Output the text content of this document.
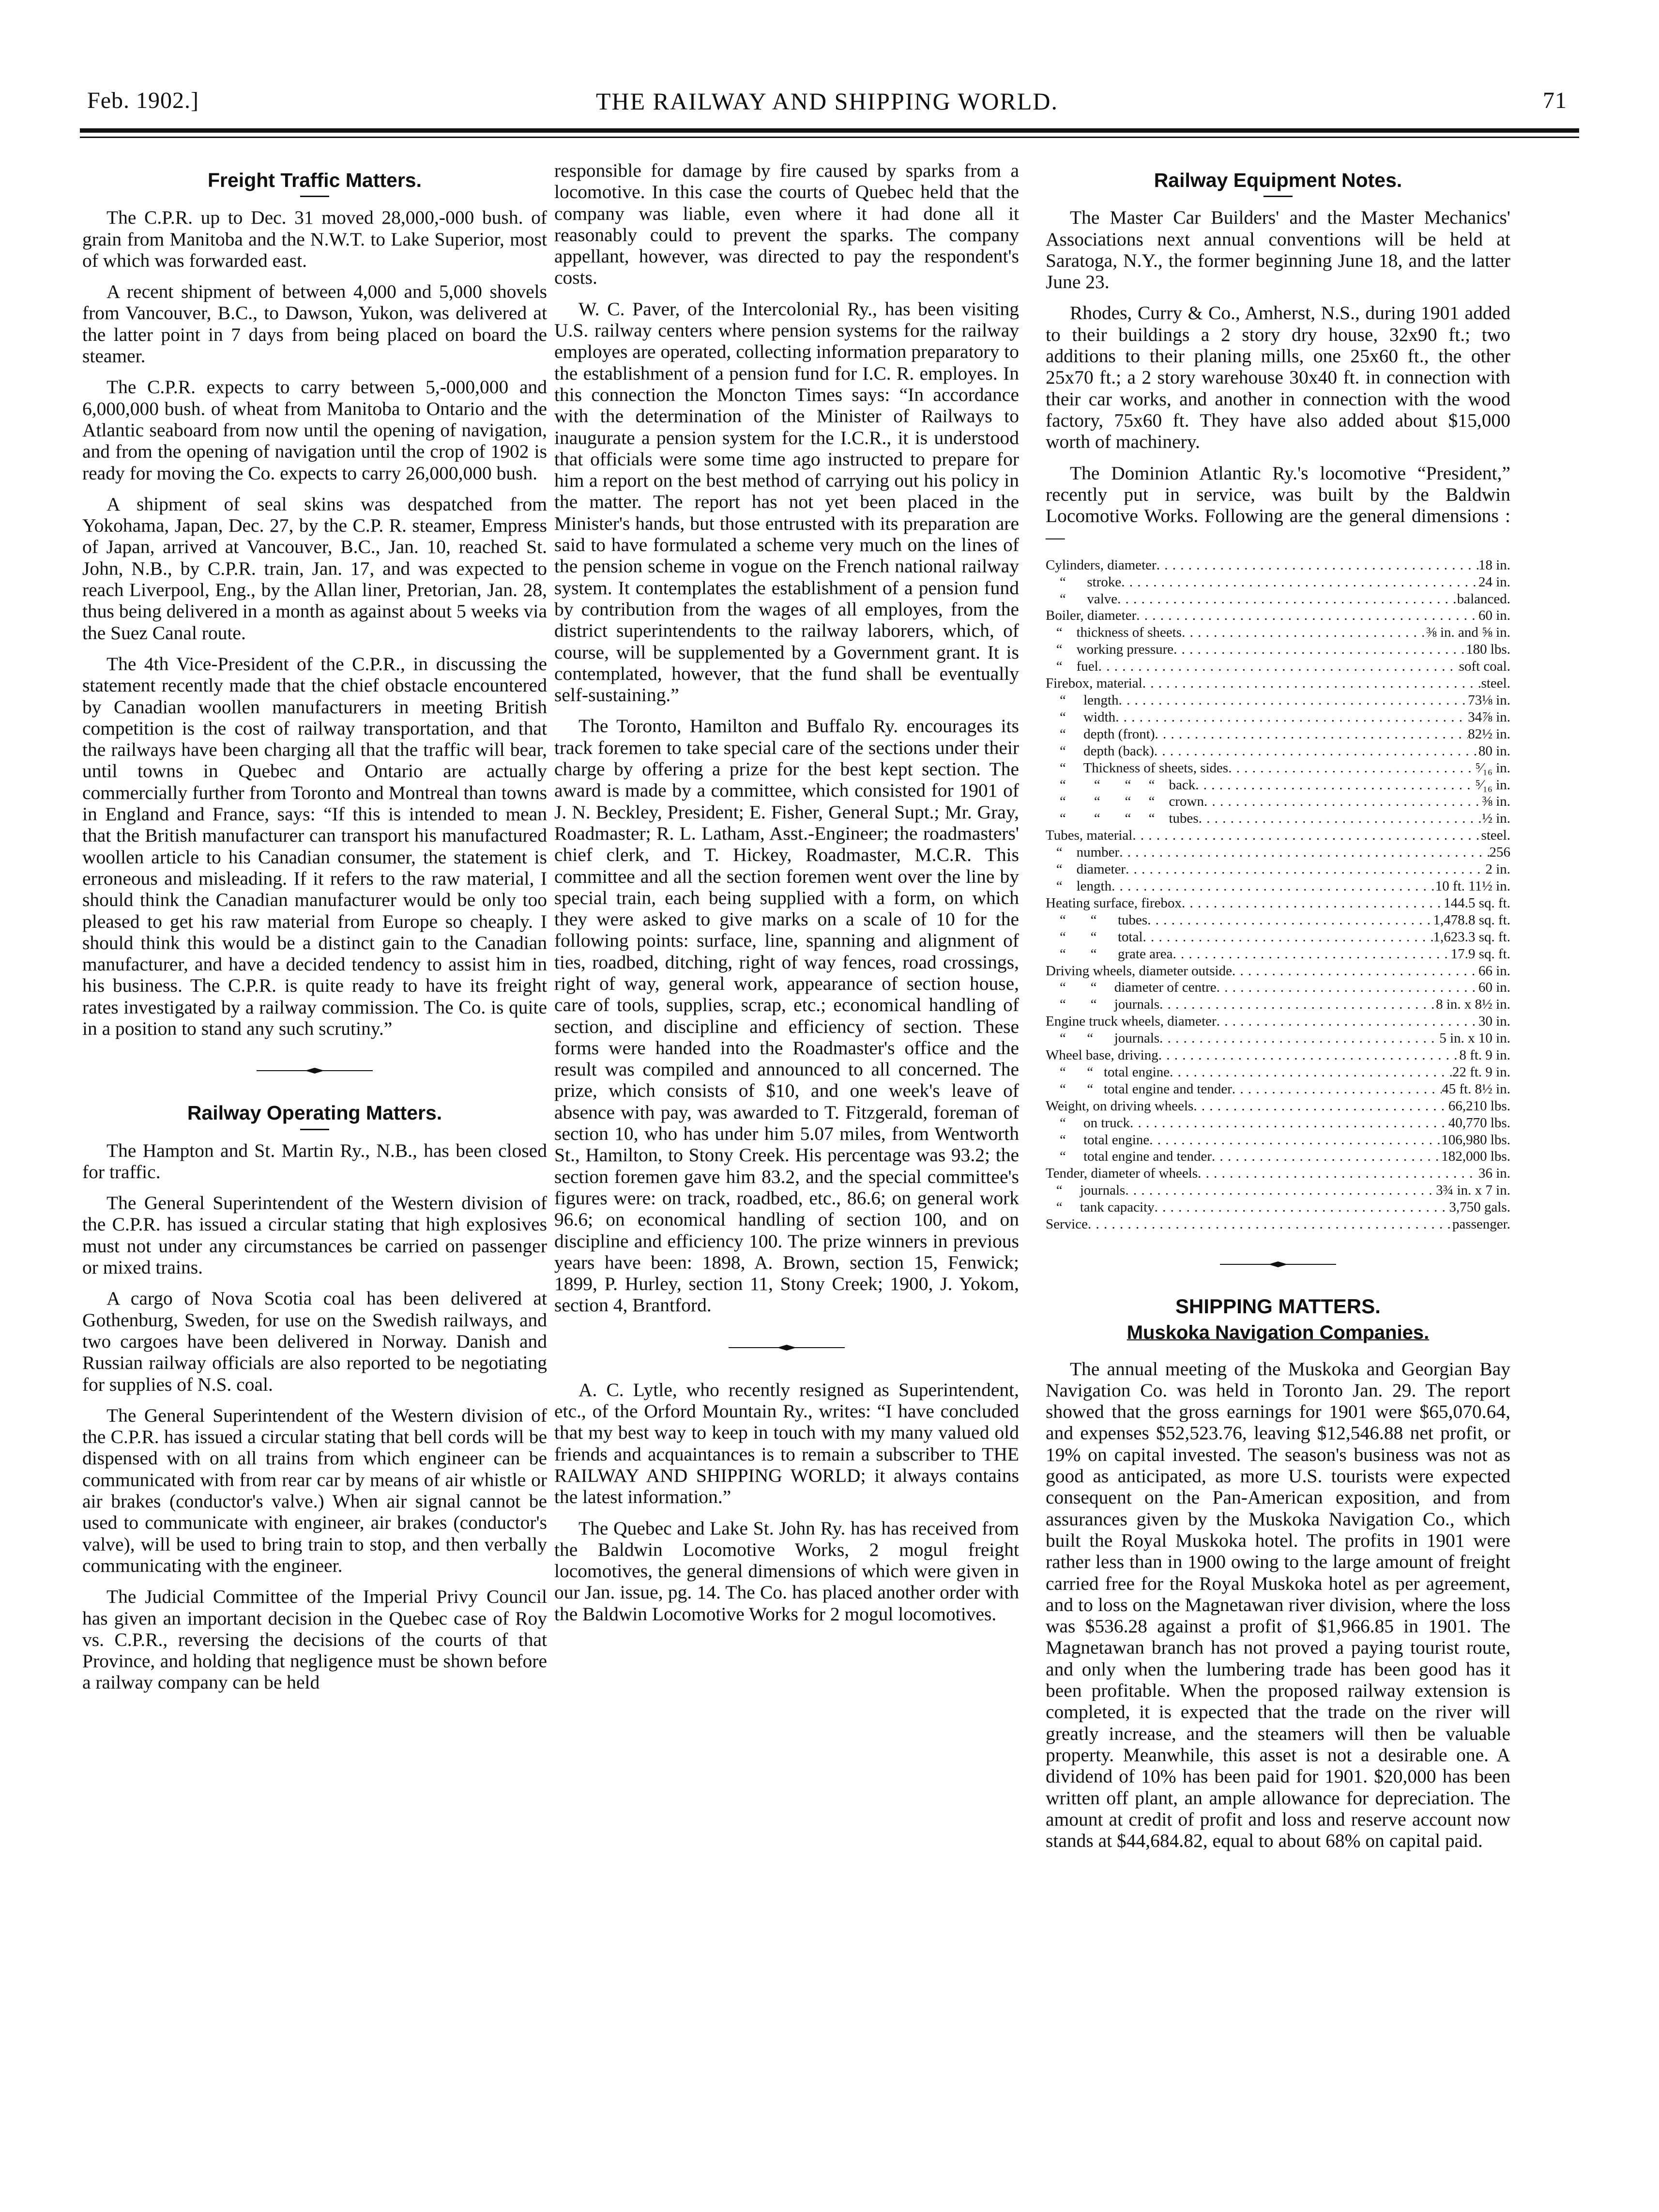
Feb. 1902.]	THE RAILWAY AND SHIPPING WORLD.	71
Freight Traffic Matters.

The C.P.R. up to Dec. 31 moved 28,000,-000 bush. of grain from Manitoba and the N.W.T. to Lake Superior, most of which was forwarded east.

A recent shipment of between 4,000 and 5,000 shovels from Vancouver, B.C., to Dawson, Yukon, was delivered at the latter point in 7 days from being placed on board the steamer.

The C.P.R. expects to carry between 5,-000,000 and 6,000,000 bush. of wheat from Manitoba to Ontario and the Atlantic seaboard from now until the opening of navigation, and from the opening of navigation until the crop of 1902 is ready for moving the Co. expects to carry 26,000,000 bush.

A shipment of seal skins was despatched from Yokohama, Japan, Dec. 27, by the C.P. R. steamer, Empress of Japan, arrived at Vancouver, B.C., Jan. 10, reached St. John, N.B., by C.P.R. train, Jan. 17, and was expected to reach Liverpool, Eng., by the Allan liner, Pretorian, Jan. 28, thus being delivered in a month as against about 5 weeks via the Suez Canal route.

The 4th Vice-President of the C.P.R., in discussing the statement recently made that the chief obstacle encountered by Canadian woollen manufacturers in meeting British competition is the cost of railway transportation, and that the railways have been charging all that the traffic will bear, until towns in Quebec and Ontario are actually commercially further from Toronto and Montreal than towns in England and France, says: “If this is intended to mean that the British manufacturer can transport his manufactured woollen article to his Canadian consumer, the statement is erroneous and misleading. If it refers to the raw material, I should think the Canadian manufacturer would be only too pleased to get his raw material from Europe so cheaply. I should think this would be a distinct gain to the Canadian manufacturer, and have a decided tendency to assist him in his business. The C.P.R. is quite ready to have its freight rates investigated by a railway commission. The Co. is quite in a position to stand any such scrutiny.”

Railway Operating Matters.

The Hampton and St. Martin Ry., N.B., has been closed for traffic.

The General Superintendent of the Western division of the C.P.R. has issued a circular stating that high explosives must not under any circumstances be carried on passenger or mixed trains.

A cargo of Nova Scotia coal has been delivered at Gothenburg, Sweden, for use on the Swedish railways, and two cargoes have been delivered in Norway. Danish and Russian railway officials are also reported to be negotiating for supplies of N.S. coal.

The General Superintendent of the Western division of the C.P.R. has issued a circular stating that bell cords will be dispensed with on all trains from which engineer can be communicated with from rear car by means of air whistle or air brakes (conductor's valve.) When air signal cannot be used to communicate with engineer, air brakes (conductor's valve), will be used to bring train to stop, and then verbally communicating with the engineer.

The Judicial Committee of the Imperial Privy Council has given an important decision in the Quebec case of Roy vs. C.P.R., reversing the decisions of the courts of that Province, and holding that negligence must be shown before a railway company can be held

responsible for damage by fire caused by sparks from a locomotive. In this case the courts of Quebec held that the company was liable, even where it had done all it reasonably could to prevent the sparks. The company appellant, however, was directed to pay the respondent's costs.

W. C. Paver, of the Intercolonial Ry., has been visiting U.S. railway centers where pension systems for the railway employes are operated, collecting information preparatory to the establishment of a pension fund for I.C. R. employes. In this connection the Moncton Times says: “In accordance with the determination of the Minister of Railways to inaugurate a pension system for the I.C.R., it is understood that officials were some time ago instructed to prepare for him a report on the best method of carrying out his policy in the matter. The report has not yet been placed in the Minister's hands, but those entrusted with its preparation are said to have formulated a scheme very much on the lines of the pension scheme in vogue on the French national railway system. It contemplates the establishment of a pension fund by contribution from the wages of all employes, from the district superintendents to the railway laborers, which, of course, will be supplemented by a Government grant. It is contemplated, however, that the fund shall be eventually self-sustaining.”

The Toronto, Hamilton and Buffalo Ry. encourages its track foremen to take special care of the sections under their charge by offering a prize for the best kept section. The award is made by a committee, which consisted for 1901 of J. N. Beckley, President; E. Fisher, General Supt.; Mr. Gray, Roadmaster; R. L. Latham, Asst.-Engineer; the roadmasters' chief clerk, and T. Hickey, Roadmaster, M.C.R. This committee and all the section foremen went over the line by special train, each being supplied with a form, on which they were asked to give marks on a scale of 10 for the following points: surface, line, spanning and alignment of ties, roadbed, ditching, right of way fences, road crossings, right of way, general work, appearance of section house, care of tools, supplies, scrap, etc.; economical handling of section, and discipline and efficiency of section. These forms were handed into the Roadmaster's office and the result was compiled and announced to all concerned. The prize, which consists of $10, and one week's leave of absence with pay, was awarded to T. Fitzgerald, foreman of section 10, who has under him 5.07 miles, from Wentworth St., Hamilton, to Stony Creek. His percentage was 93.2; the section foremen gave him 83.2, and the special committee's figures were: on track, roadbed, etc., 86.6; on general work 96.6; on economical handling of section 100, and on discipline and efficiency 100. The prize winners in previous years have been: 1898, A. Brown, section 15, Fenwick; 1899, P. Hurley, section 11, Stony Creek; 1900, J. Yokom, section 4, Brantford.

A. C. Lytle, who recently resigned as Superintendent, etc., of the Orford Mountain Ry., writes: “I have concluded that my best way to keep in touch with my many valued old friends and acquaintances is to remain a subscriber to THE RAILWAY AND SHIPPING WORLD; it always contains the latest information.”

The Quebec and Lake St. John Ry. has has received from the Baldwin Locomotive Works, 2 mogul freight locomotives, the general dimensions of which were given in our Jan. issue, pg. 14. The Co. has placed another order with the Baldwin Locomotive Works for 2 mogul locomotives.

Railway Equipment Notes.

The Master Car Builders' and the Master Mechanics' Associations next annual conventions will be held at Saratoga, N.Y., the former beginning June 18, and the latter June 23.

Rhodes, Curry & Co., Amherst, N.S., during 1901 added to their buildings a 2 story dry house, 32x90 ft.; two additions to their planing mills, one 25x60 ft., the other 25x70 ft.; a 2 story warehouse 30x40 ft. in connection with their car works, and another in connection with the wood factory, 75x60 ft. They have also added about $15,000 worth of machinery.

The Dominion Atlantic Ry.'s locomotive “President,” recently put in service, was built by the Baldwin Locomotive Works. Following are the general dimensions :—

Cylinders, diameter . . .	18 in.
“      stroke . . .	24 in.
“      valve . . .	balanced.
Boiler, diameter . . .	60 in.
“    thickness of sheets . . .	⅜ in. and ⅝ in.
“    working pressure . . .	180 lbs.
“    fuel . . .	soft coal.
Firebox, material . . .	steel.
“     length . . .	73⅛ in.
“     width . . .	34⅞ in.
“     depth (front) . . .	82½ in.
“     depth (back) . . .	80 in.
“     Thickness of sheets, sides . . .	⁵⁄₁₆ in.
“        “       “     “    back . . .	⁵⁄₁₆ in.
“        “       “     “    crown . . .	⅜ in.
“        “       “     “    tubes . . .	½ in.
Tubes, material . . .	steel.
“    number . . .	256
“    diameter . . .	2 in.
“    length . . .	10 ft. 11½ in.
Heating surface, firebox . . .	144.5 sq. ft.
“       “      tubes . . .	1,478.8 sq. ft.
“       “      total . . .	1,623.3 sq. ft.
“       “      grate area . . .	17.9 sq. ft.
Driving wheels, diameter outside . . .	66 in.
“       “     diameter of centre . . .	60 in.
“       “     journals . . .	8 in. x 8½ in.
Engine truck wheels, diameter . . .	30 in.
“      “      journals . . .	5 in. x 10 in.
Wheel base, driving . . .	8 ft. 9 in.
“      “   total engine . . .	22 ft. 9 in.
“      “   total engine and tender . . .	45 ft. 8½ in.
Weight, on driving wheels . . .	66,210 lbs.
“     on truck . . .	40,770 lbs.
“     total engine . . .	106,980 lbs.
“     total engine and tender . . .	182,000 lbs.
Tender, diameter of wheels . . .	36 in.
“     journals . . .	3¾ in. x 7 in.
“     tank capacity . . .	3,750 gals.
Service . . .	passenger.
SHIPPING MATTERS.
Muskoka Navigation Companies.

The annual meeting of the Muskoka and Georgian Bay Navigation Co. was held in Toronto Jan. 29. The report showed that the gross earnings for 1901 were $65,070.64, and expenses $52,523.76, leaving $12,546.88 net profit, or 19% on capital invested. The season's business was not as good as anticipated, as more U.S. tourists were expected consequent on the Pan-American exposition, and from assurances given by the Muskoka Navigation Co., which built the Royal Muskoka hotel. The profits in 1901 were rather less than in 1900 owing to the large amount of freight carried free for the Royal Muskoka hotel as per agreement, and to loss on the Magnetawan river division, where the loss was $536.28 against a profit of $1,966.85 in 1901. The Magnetawan branch has not proved a paying tourist route, and only when the lumbering trade has been good has it been profitable. When the proposed railway extension is completed, it is expected that the trade on the river will greatly increase, and the steamers will then be valuable property. Meanwhile, this asset is not a desirable one. A dividend of 10% has been paid for 1901. $20,000 has been written off plant, an ample allowance for depreciation. The amount at credit of profit and loss and reserve account now stands at $44,684.82, equal to about 68% on capital paid.
